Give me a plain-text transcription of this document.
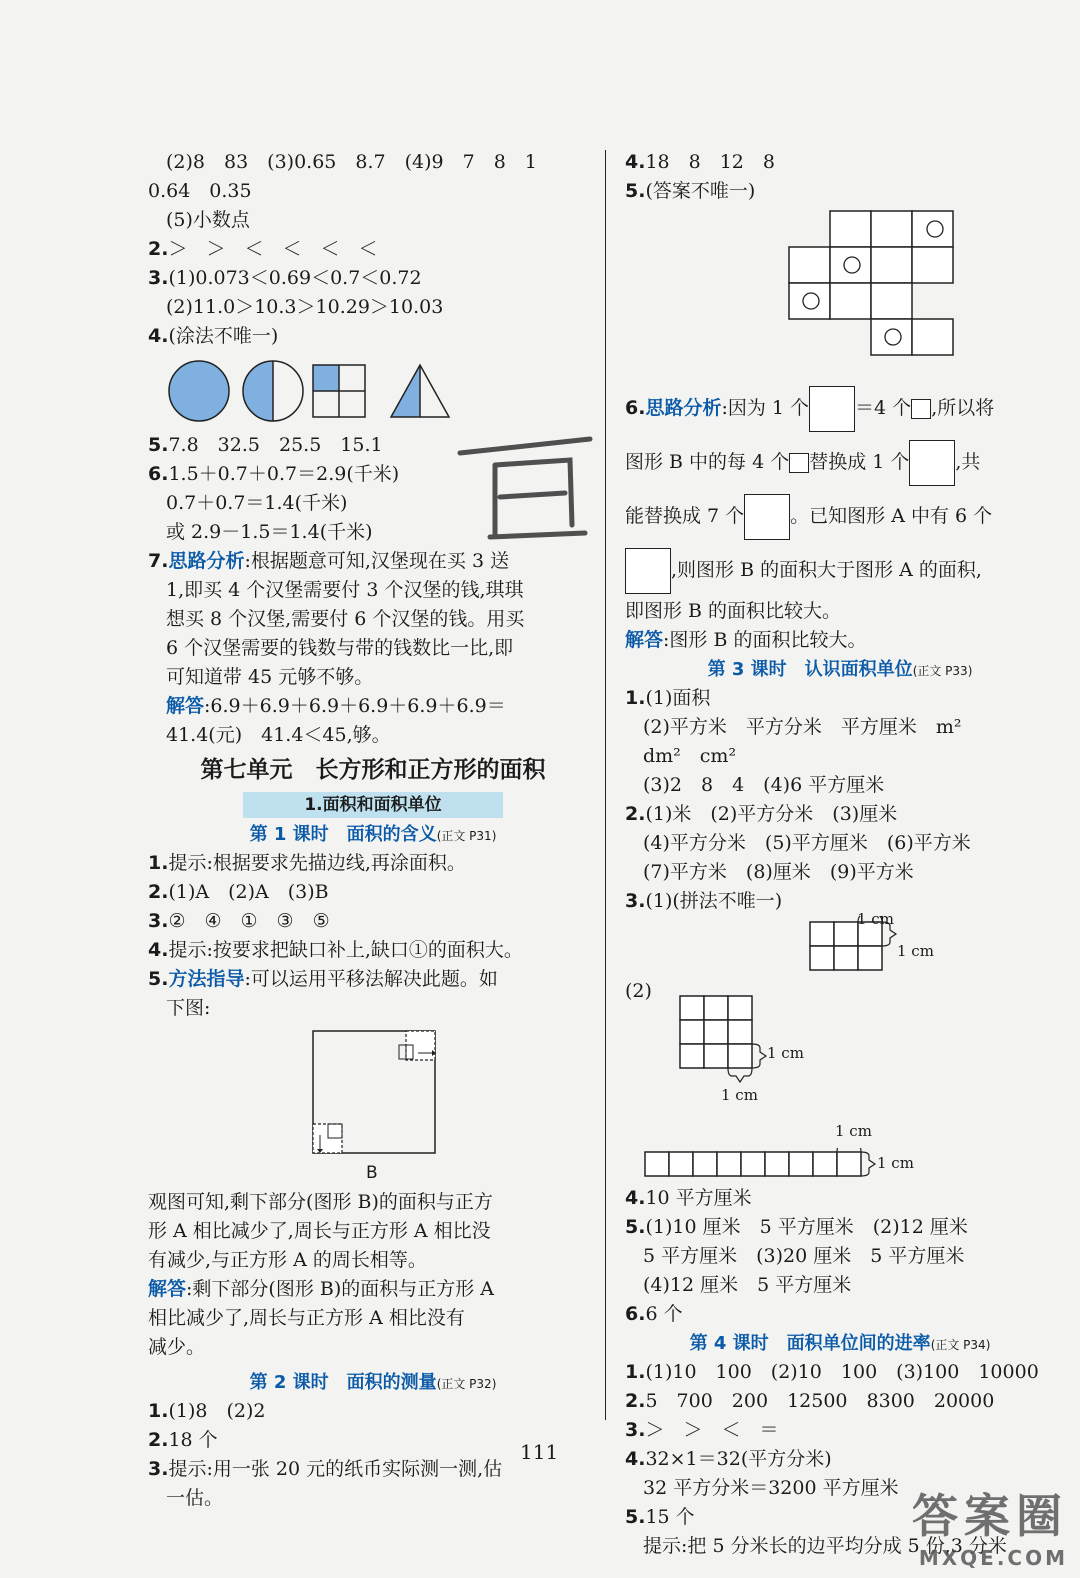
(2)8　83　(3)0.65　8.7　(4)9　7　8　1
0.64　0.35
(5)小数点
2.＞　＞　＜　＜　＜　＜
3.(1)0.073＜0.69＜0.7＜0.72
(2)11.0＞10.3＞10.29＞10.03
4.(涂法不唯一)
5.7.8　32.5　25.5　15.1
6.1.5＋0.7＋0.7＝2.9(千米)
0.7＋0.7＝1.4(千米)
或 2.9－1.5＝1.4(千米)
7.思路分析:根据题意可知,汉堡现在买 3 送
1,即买 4 个汉堡需要付 3 个汉堡的钱,琪琪
想买 8 个汉堡,需要付 6 个汉堡的钱。用买
6 个汉堡需要的钱数与带的钱数比一比,即
可知道带 45 元够不够。
解答:6.9＋6.9＋6.9＋6.9＋6.9＋6.9＝
41.4(元)　41.4＜45,够。
第七单元　长方形和正方形的面积
1.面积和面积单位
第 1 课时　面积的含义(正文 P31)
1.提示:根据要求先描边线,再涂面积。
2.(1)A　(2)A　(3)B
3.②　④　①　③　⑤
4.提示:按要求把缺口补上,缺口①的面积大。
5.方法指导:可以运用平移法解决此题。如
下图:
B
观图可知,剩下部分(图形 B)的面积与正方
形 A 相比减少了,周长与正方形 A 相比没
有减少,与正方形 A 的周长相等。
解答:剩下部分(图形 B)的面积与正方形 A
相比减少了,周长与正方形 A 相比没有
减少。
第 2 课时　面积的测量(正文 P32)
1.(1)8　(2)2
2.18 个
3.提示:用一张 20 元的纸币实际测一测,估
一估。
4.18　8　12　8
5.(答案不唯一)
6.思路分析:因为 1 个 ＝4 个 ,所以将
图形 B 中的每 4 个 替换成 1 个 ,共
能替换成 7 个 。已知图形 A 中有 6 个
,则图形 B 的面积大于图形 A 的面积,
即图形 B 的面积比较大。
解答:图形 B 的面积比较大。
第 3 课时　认识面积单位(正文 P33)
1.(1)面积
(2)平方米　平方分米　平方厘米　m²
dm²　cm²
(3)2　8　4　(4)6 平方厘米
2.(1)米　(2)平方分米　(3)厘米
(4)平方分米　(5)平方厘米　(6)平方米
(7)平方米　(8)厘米　(9)平方米
3.(1)(拼法不唯一)
1 cm
1 cm
(2)
1 cm
1 cm
1 cm
1 cm
4.10 平方厘米
5.(1)10 厘米　5 平方厘米　(2)12 厘米
5 平方厘米　(3)20 厘米　5 平方厘米
(4)12 厘米　5 平方厘米
6.6 个
第 4 课时　面积单位间的进率(正文 P34)
1.(1)10　100　(2)10　100　(3)100　10000
2.5　700　200　12500　8300　20000
3.＞　＞　＜　＝
4.32×1＝32(平方分米)
32 平方分米＝3200 平方厘米
5.15 个
提示:把 5 分米长的边平均分成 5 份,3 分米
111
答案圈
MXQE.COM
